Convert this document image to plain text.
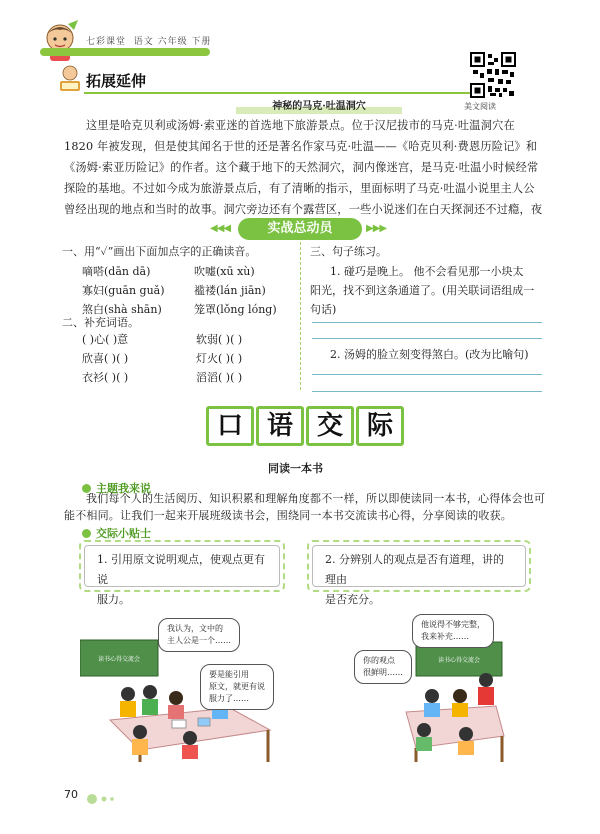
七彩课堂 语文 六年级 下册
拓展延伸
美文阅读
神秘的马克·吐温洞穴
这里是哈克贝利或汤姆·索亚迷的首选地下旅游景点。位于汉尼拔市的马克·吐温洞穴在
1820 年被发现，但是使其闻名于世的还是著名作家马克·吐温——《哈克贝利·费恩历险记》和
《汤姆·索亚历险记》的作者。这个藏于地下的天然洞穴，洞内像迷宫，是马克·吐温小时候经常
探险的基地。不过如今成为旅游景点后，有了清晰的指示，里面标明了马克·吐温小说里主人公
曾经出现的地点和当时的故事。洞穴旁边还有个露营区，一些小说迷们在白天探洞还不过瘾，夜
◀◀◀	实战总动员	▶▶▶
一、用“✓”画出下面加点字的正确读音。
嘀嗒(dān dā)	吹嘘(xū xù)
寡妇(guān guǎ)	褴褛(lán jiān)
煞白(shà shān)	笼罩(lǒng lóng)
二、补充词语。
( )心( )意	软弱( )( )
欣喜( )( )	灯火( )( )
衣衫( )( )	滔滔( )( )
三、句子练习。
1. 碰巧是晚上。 他不会看见那一小块太
阳光，找不到这条通道了。(用关联词语组成一
句话)
2. 汤姆的脸立刻变得煞白。(改为比喻句)
口 语 交 际
同读一本书
主题我来说
我们每个人的生活阅历、知识积累和理解角度都不一样，所以即使读同一本书，心得体会也可
能不相同。让我们一起来开展班级读书会，围绕同一本书交流读书心得，分享阅读的收获。
交际小贴士
1. 引用原文说明观点，使观点更有说
服力。
2. 分辨别人的观点是否有道理，讲的理由
是否充分。
读书心得交流会
我认为，文中的
主人公是一个……
要是能引用
原文，就更有说
服力了……
读书心得交流会
他说得不够完整，
我来补充……
你的观点
很鲜明……
70
